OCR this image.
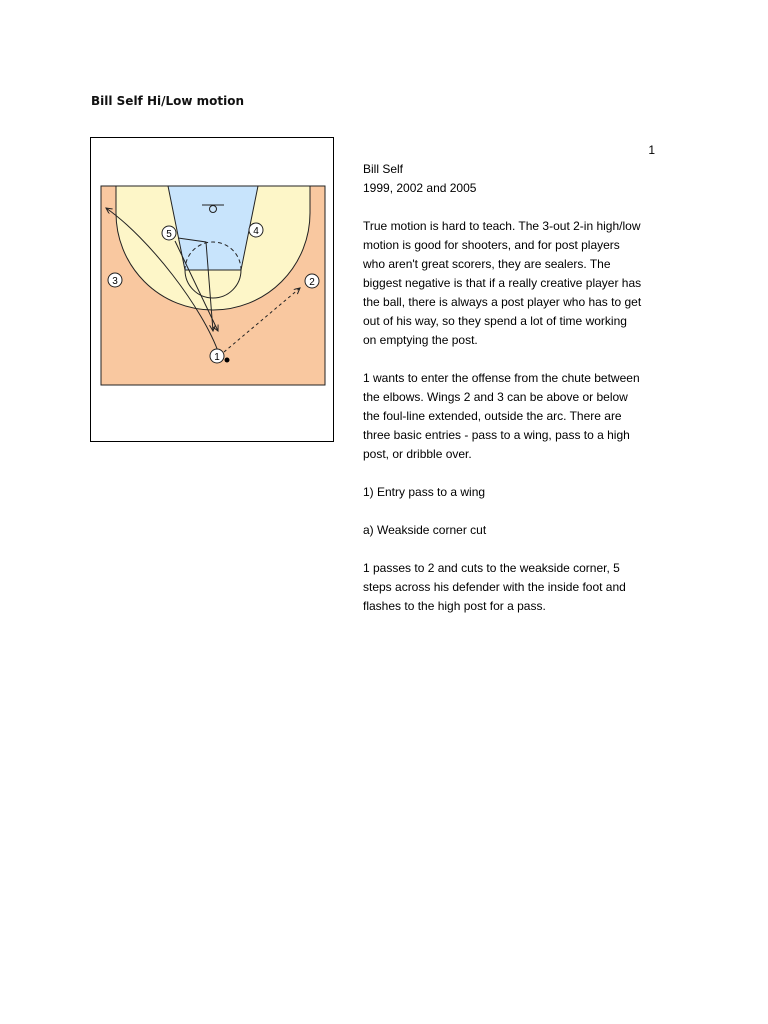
Bill Self Hi/Low motion
1
2
3
4
5
1

Bill Self

1999, 2002 and 2005

True motion is hard to teach. The 3-out 2-in high/low
motion is good for shooters, and for post players
who aren't great scorers, they are sealers. The
biggest negative is that if a really creative player has
the ball, there is always a post player who has to get
out of his way, so they spend a lot of time working
on emptying the post.

1 wants to enter the offense from the chute between
the elbows. Wings 2 and 3 can be above or below
the foul-line extended, outside the arc. There are
three basic entries - pass to a wing, pass to a high
post, or dribble over.

1) Entry pass to a wing

a) Weakside corner cut

1 passes to 2 and cuts to the weakside corner, 5
steps across his defender with the inside foot and
flashes to the high post for a pass.
